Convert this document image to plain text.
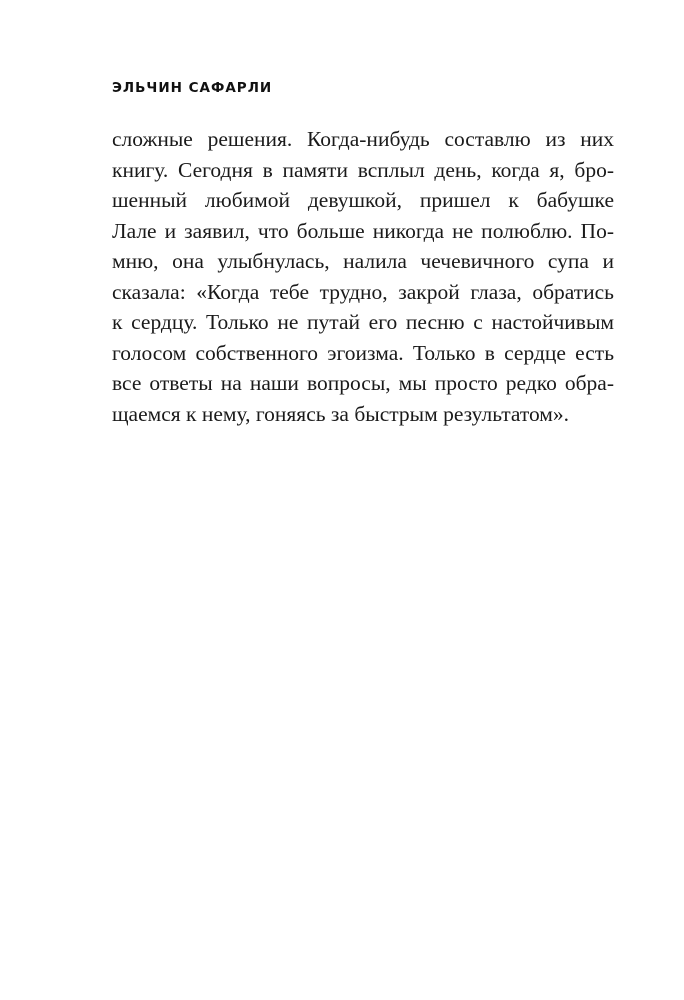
ЭЛЬЧИН САФАРЛИ
сложные решения. Когда-нибудь составлю из них
книгу. Сегодня в памяти всплыл день, когда я, бро-
шенный любимой девушкой, пришел к бабушке
Лале и заявил, что больше никогда не полюблю. По-
мню, она улыбнулась, налила чечевичного супа и
сказала: «Когда тебе трудно, закрой глаза, обратись
к сердцу. Только не путай его песню с настойчивым
голосом собственного эгоизма. Только в сердце есть
все ответы на наши вопросы, мы просто редко обра-
щаемся к нему, гоняясь за быстрым результатом».
